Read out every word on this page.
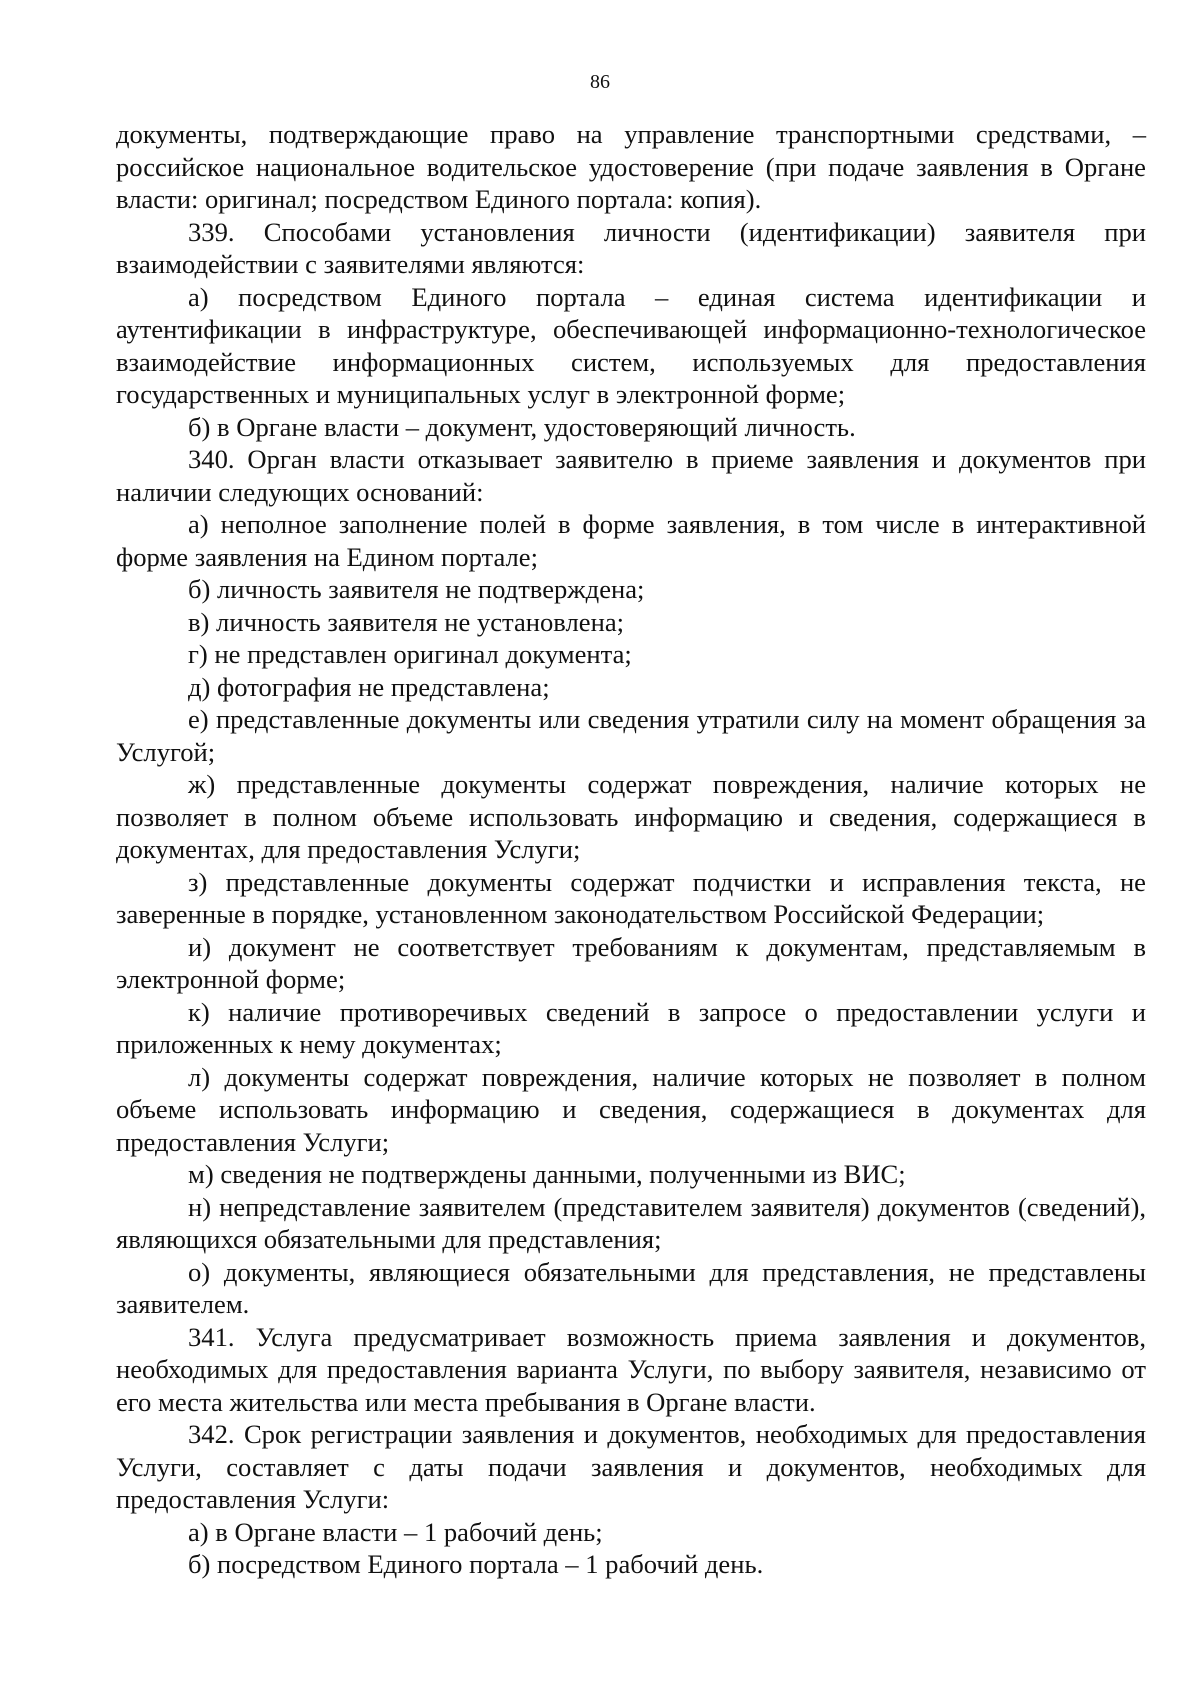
86

документы, подтверждающие право на управление транспортными средствами, – российское национальное водительское удостоверение (при подаче заявления в Органе власти: оригинал; посредством Единого портала: копия).

339. Способами установления личности (идентификации) заявителя при взаимодействии с заявителями являются:

а) посредством Единого портала – единая система идентификации и аутентификации в инфраструктуре, обеспечивающей информационно-технологическое взаимодействие информационных систем, используемых для предоставления государственных и муниципальных услуг в электронной форме;

б) в Органе власти – документ, удостоверяющий личность.

340. Орган власти отказывает заявителю в приеме заявления и документов при наличии следующих оснований:

а) неполное заполнение полей в форме заявления, в том числе в интерактивной форме заявления на Едином портале;

б) личность заявителя не подтверждена;

в) личность заявителя не установлена;

г) не представлен оригинал документа;

д) фотография не представлена;

е) представленные документы или сведения утратили силу на момент обращения за Услугой;

ж) представленные документы содержат повреждения, наличие которых не позволяет в полном объеме использовать информацию и сведения, содержащиеся в документах, для предоставления Услуги;

з) представленные документы содержат подчистки и исправления текста, не заверенные в порядке, установленном законодательством Российской Федерации;

и) документ не соответствует требованиям к документам, представляемым в электронной форме;

к) наличие противоречивых сведений в запросе о предоставлении услуги и приложенных к нему документах;

л) документы содержат повреждения, наличие которых не позволяет в полном объеме использовать информацию и сведения, содержащиеся в документах для предоставления Услуги;

м) сведения не подтверждены данными, полученными из ВИС;

н) непредставление заявителем (представителем заявителя) документов (сведений), являющихся обязательными для представления;

о) документы, являющиеся обязательными для представления, не представлены заявителем.

341. Услуга предусматривает возможность приема заявления и документов, необходимых для предоставления варианта Услуги, по выбору заявителя, независимо от его места жительства или места пребывания в Органе власти.

342. Срок регистрации заявления и документов, необходимых для предоставления Услуги, составляет с даты подачи заявления и документов, необходимых для предоставления Услуги:

а) в Органе власти – 1 рабочий день;

б) посредством Единого портала – 1 рабочий день.
